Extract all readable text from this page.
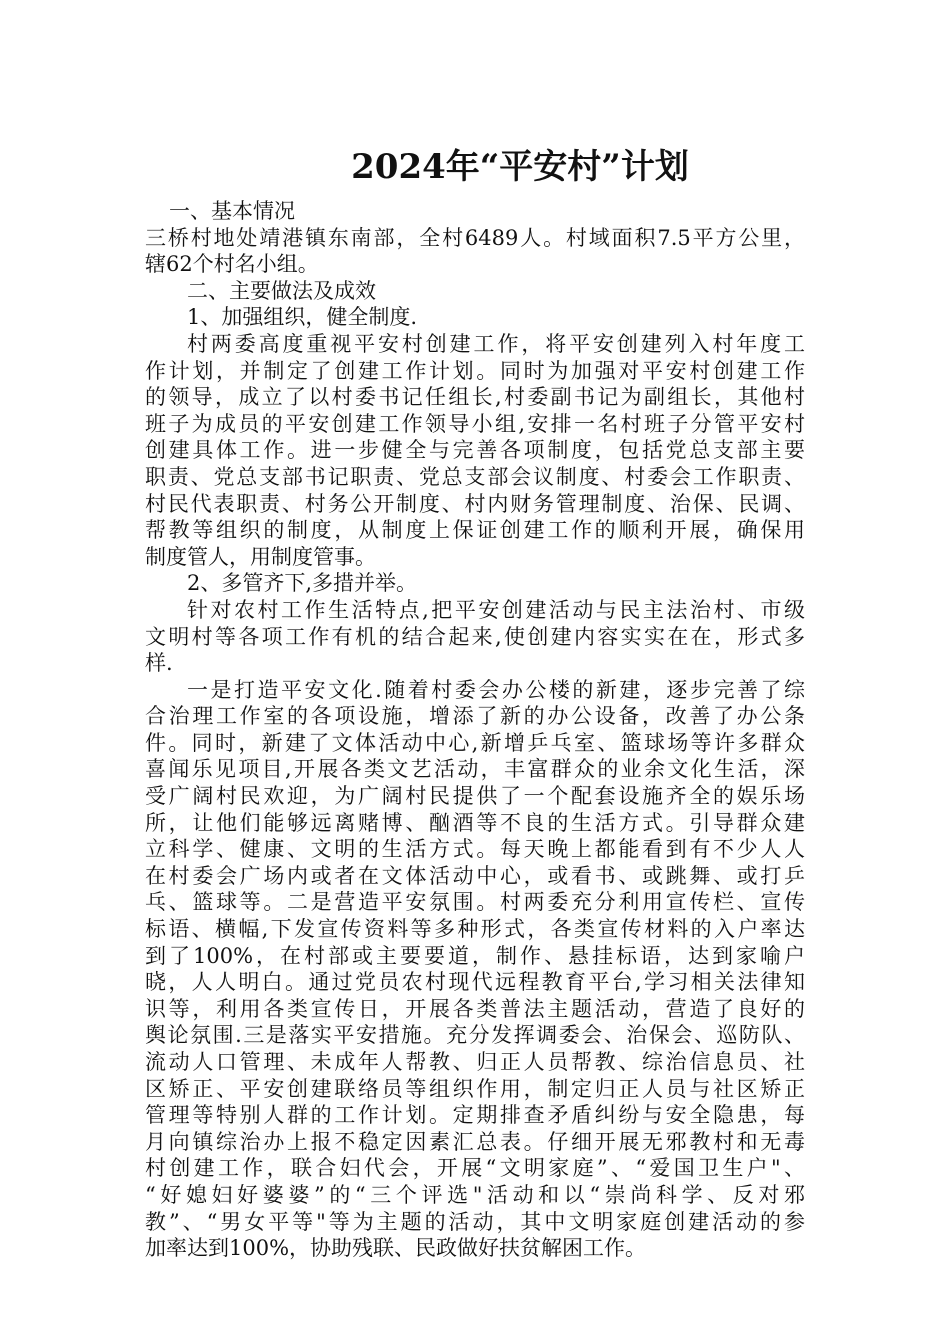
2024年“平安村”计划
一、基本情况
三桥村地处靖港镇东南部，全村6489人。村域面积7.5平方公里，
辖62个村名小组。
二、主要做法及成效
1、加强组织，健全制度.
村两委高度重视平安村创建工作，将平安创建列入村年度工
作计划，并制定了创建工作计划。同时为加强对平安村创建工作
的领导，成立了以村委书记任组长,村委副书记为副组长，其他村
班子为成员的平安创建工作领导小组,安排一名村班子分管平安村
创建具体工作。进一步健全与完善各项制度，包括党总支部主要
职责、党总支部书记职责、党总支部会议制度、村委会工作职责、
村民代表职责、村务公开制度、村内财务管理制度、治保、民调、
帮教等组织的制度，从制度上保证创建工作的顺利开展，确保用
制度管人，用制度管事。
2、多管齐下,多措并举。
针对农村工作生活特点,把平安创建活动与民主法治村、市级
文明村等各项工作有机的结合起来,使创建内容实实在在，形式多
样.
一是打造平安文化.随着村委会办公楼的新建，逐步完善了综
合治理工作室的各项设施，增添了新的办公设备，改善了办公条
件。同时，新建了文体活动中心,新增乒乓室、篮球场等许多群众
喜闻乐见项目,开展各类文艺活动，丰富群众的业余文化生活，深
受广阔村民欢迎，为广阔村民提供了一个配套设施齐全的娱乐场
所，让他们能够远离赌博、酗酒等不良的生活方式。引导群众建
立科学、健康、文明的生活方式。每天晚上都能看到有不少人人
在村委会广场内或者在文体活动中心，或看书、或跳舞、或打乒
乓、篮球等。二是营造平安氛围。村两委充分利用宣传栏、宣传
标语、横幅,下发宣传资料等多种形式，各类宣传材料的入户率达
到了100%，在村部或主要要道，制作、悬挂标语，达到家喻户
晓，人人明白。通过党员农村现代远程教育平台,学习相关法律知
识等，利用各类宣传日，开展各类普法主题活动，营造了良好的
舆论氛围.三是落实平安措施。充分发挥调委会、治保会、巡防队、
流动人口管理、未成年人帮教、归正人员帮教、综治信息员、社
区矫正、平安创建联络员等组织作用，制定归正人员与社区矫正
管理等特别人群的工作计划。定期排查矛盾纠纷与安全隐患，每
月向镇综治办上报不稳定因素汇总表。仔细开展无邪教村和无毒
村创建工作，联合妇代会，开展“文明家庭”、“爱国卫生户"、
“好媳妇好婆婆”的“三个评选"活动和以“崇尚科学、反对邪
教”、“男女平等"等为主题的活动，其中文明家庭创建活动的参
加率达到100%，协助残联、民政做好扶贫解困工作。
